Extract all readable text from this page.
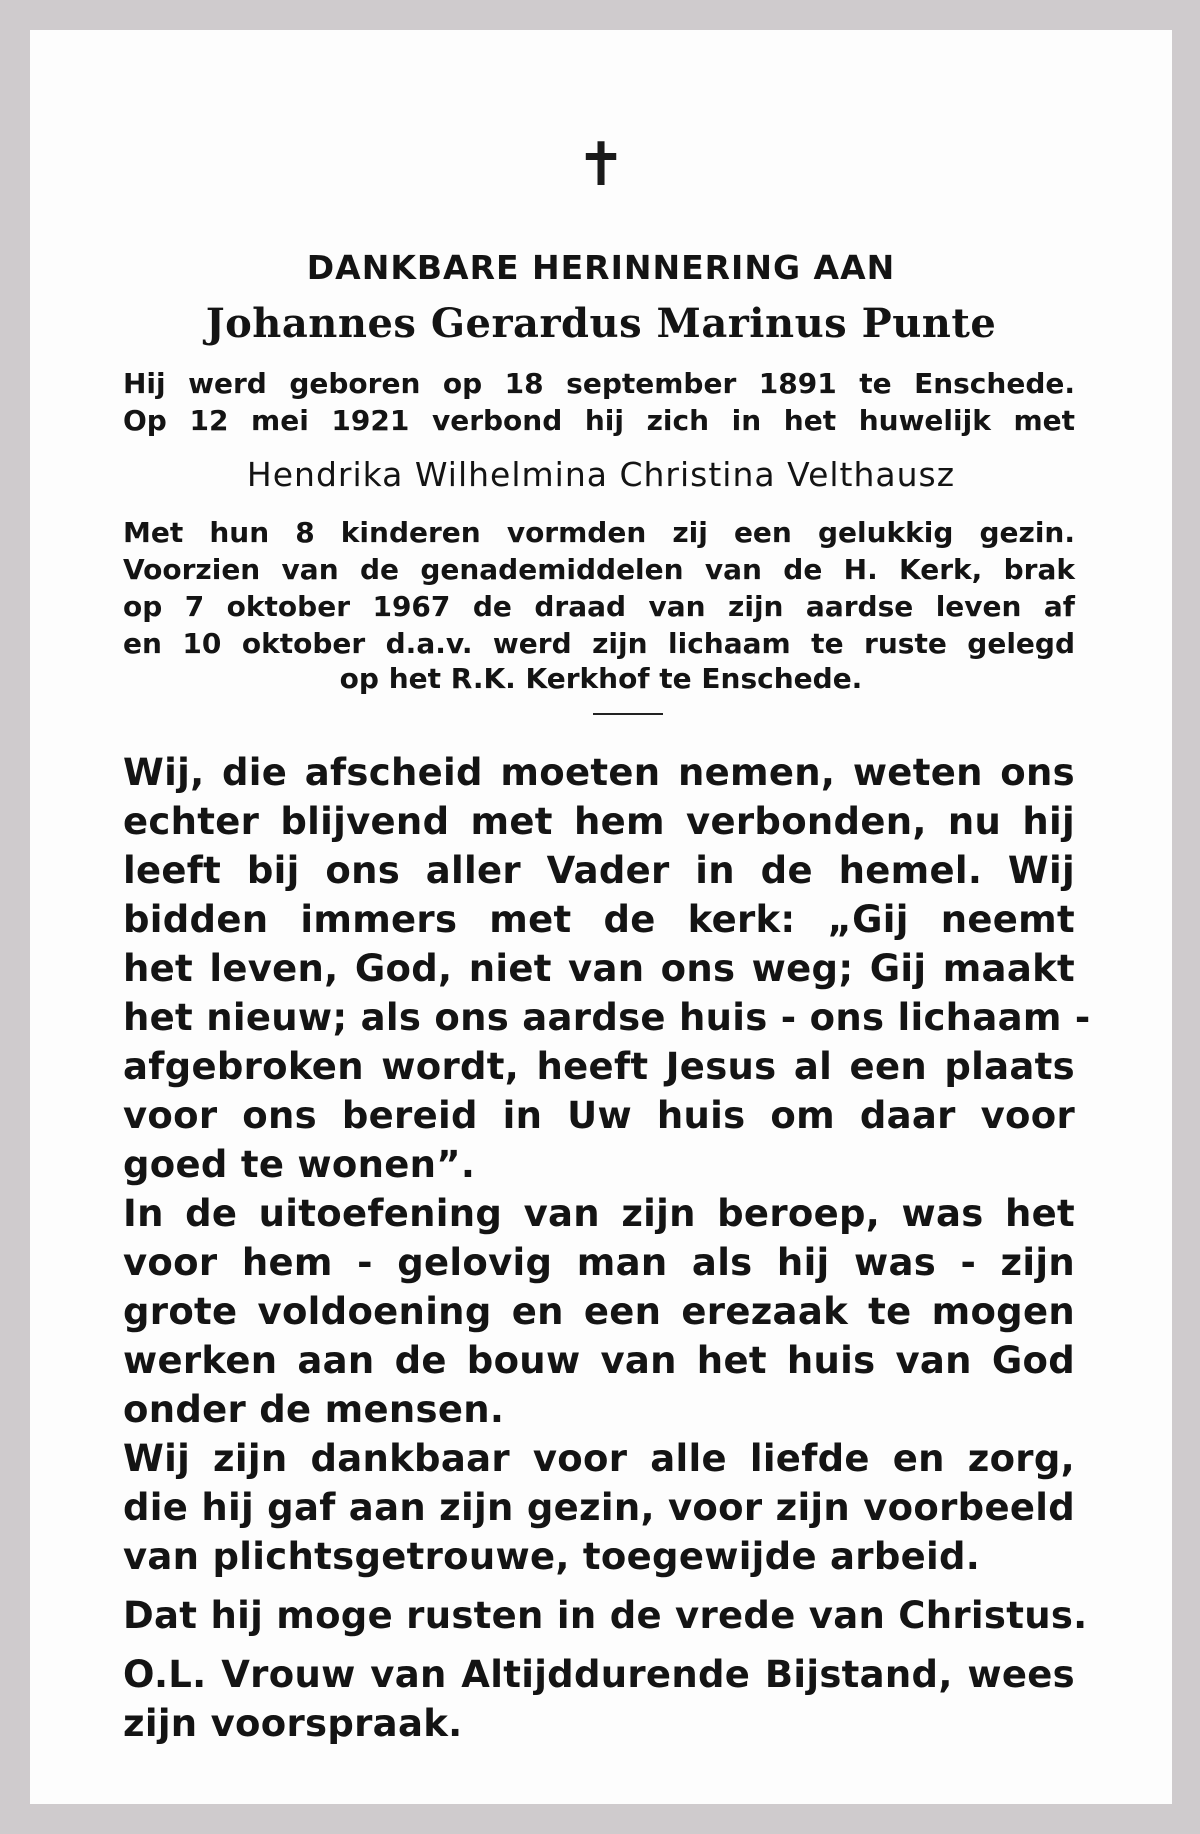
✝
DANKBARE HERINNERING AAN
Johannes Gerardus Marinus Punte
Hij werd geboren op 18 september 1891 te Enschede.
Op 12 mei 1921 verbond hij zich in het huwelijk met
Hendrika Wilhelmina Christina Velthausz
Met hun 8 kinderen vormden zij een gelukkig gezin.
Voorzien van de genademiddelen van de H. Kerk, brak
op 7 oktober 1967 de draad van zijn aardse leven af
en 10 oktober d.a.v. werd zijn lichaam te ruste gelegd
op het R.K. Kerkhof te Enschede.
Wij, die afscheid moeten nemen, weten ons
echter blijvend met hem verbonden, nu hij
leeft bij ons aller Vader in de hemel. Wij
bidden immers met de kerk: „Gij neemt
het leven, God, niet van ons weg; Gij maakt
het nieuw; als ons aardse huis - ons lichaam -
afgebroken wordt, heeft Jesus al een plaats
voor ons bereid in Uw huis om daar voor
goed te wonen”.
In de uitoefening van zijn beroep, was het
voor hem - gelovig man als hij was - zijn
grote voldoening en een erezaak te mogen
werken aan de bouw van het huis van God
onder de mensen.
Wij zijn dankbaar voor alle liefde en zorg,
die hij gaf aan zijn gezin, voor zijn voorbeeld
van plichtsgetrouwe, toegewijde arbeid.
Dat hij moge rusten in de vrede van Christus.
O.L. Vrouw van Altijddurende Bijstand, wees
zijn voorspraak.
